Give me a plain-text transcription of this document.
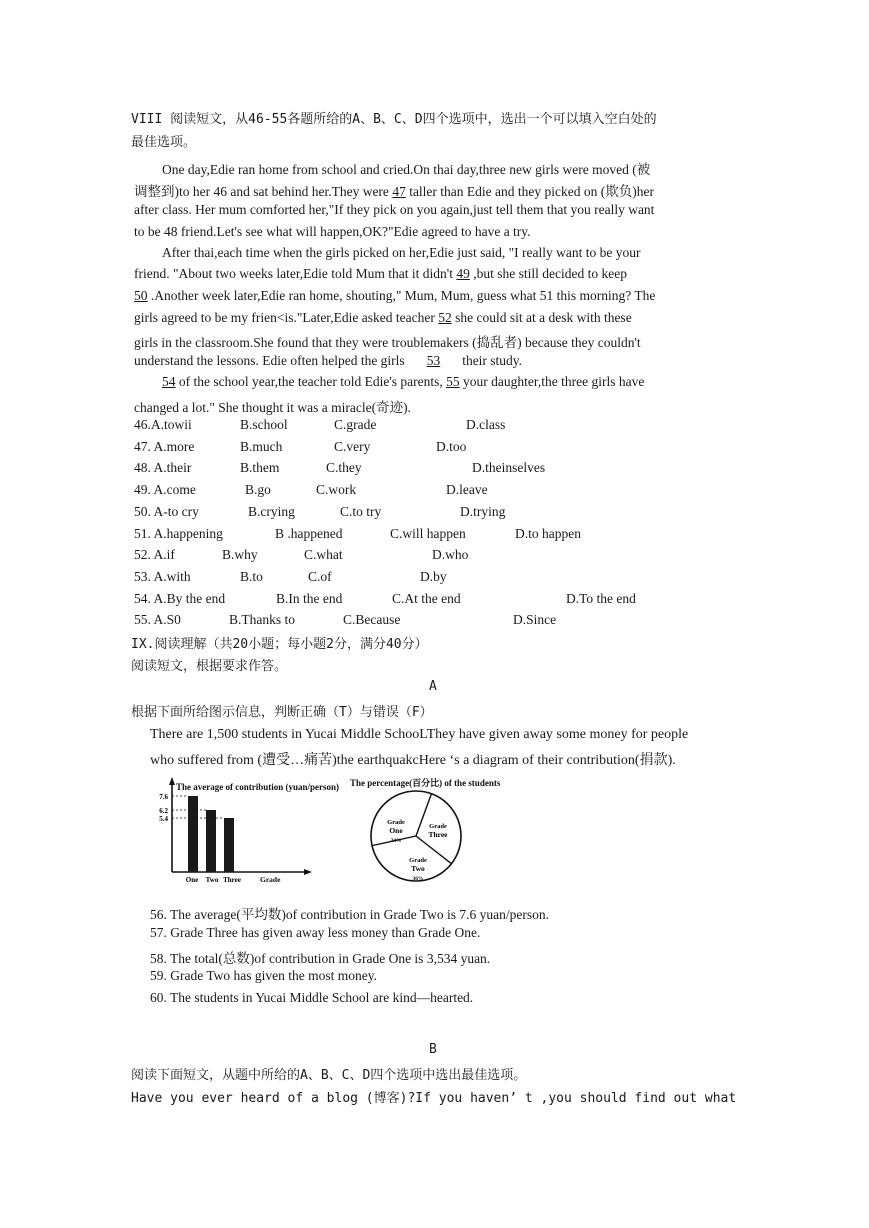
VIII 阅读短文，从46-55各题所给的A、B、C、D四个选项中，选出一个可以填入空白处的
最佳选项。
One day,Edie ran home from school and cried.On thai day,three new girls were moved (被
调整到)to her 46 and sat behind her.They were 47 taller than Edie and they picked on (欺负)her
after class. Her mum comforted her,"If they pick on you again,just tell them that you really want
to be 48 friend.Let's see what will happen,OK?"Edie agreed to have a try.
After thai,each time when the girls picked on her,Edie just said, "I really want to be your
friend. "About two weeks later,Edie told Mum that it didn't 49 ,but she still decided to keep
50 .Another week later,Edie ran home, shouting," Mum, Mum, guess what 51 this morning? The
girls agreed to be my frien<is."Later,Edie asked teacher 52 she could sit at a desk with these
girls in the classroom.She found that they were troublemakers (捣乱者) because they couldn't
understand the lessons. Edie often helped the girls 53 their study.
54 of the school year,the teacher told Edie's parents, 55 your daughter,the three girls have
changed a lot." She thought it was a miracle(奇迹).
46.A.towii	B.school	C.grade	D.class
47. A.more	B.much	C.very	D.too
48. A.their	B.them	C.they	D.theinselves
49. A.come	B.go	C.work	D.leave
50. A-to cry	B.crying	C.to try	D.trying
51. A.happening	B .happened	C.will happen	D.to happen
52. A.if	B.why	C.what	D.who
53. A.with	B.to	C.of	D.by
54. A.By the end	B.In the end	C.At the end	D.To the end
55. A.S0	B.Thanks to	C.Because	D.Since
IX.阅读理解（共20小题；每小题2分，满分40分）
阅读短文，根据要求作答。
A
根据下面所给图示信息，判断正确（T）与错误（F）
There are 1,500 students in Yucai Middle SchooLThey have given away some money for people
who suffered from (遭受…痛苦)the earthquakcHere ‘s a diagram of their contribution(捐款).
The average of contribution (yuan/person)
Grade
7.6
One
6.2
Two
5.4
Three
The percentage(百分比) of the students
Grade
One
34%
Grade
Three
Grade
Two
36%
56. The average(平均数)of contribution in Grade Two is 7.6 yuan/person.
57. Grade Three has given away less money than Grade One.
58. The total(总数)of contribution in Grade One is 3,534 yuan.
59. Grade Two has given the most money.
60. The students in Yucai Middle School are kind—hearted.
B
阅读下面短文，从题中所给的A、B、C、D四个选项中选出最佳选项。
Have you ever heard of a blog (博客)?If you haven’ t ,you should find out what
